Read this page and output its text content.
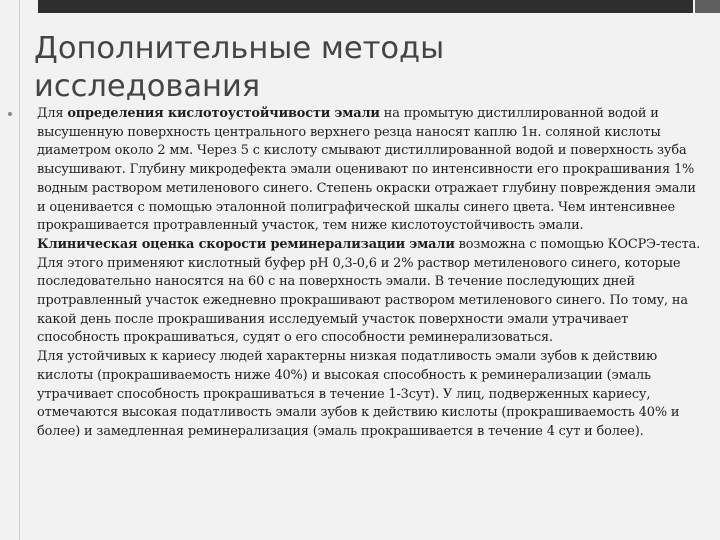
Дополнительные методы
исследования

Для определения кислотоустойчивости эмали на промытую дистиллированной водой и высушенную поверхность центрального верхнего резца наносят каплю 1н. соляной кислоты диаметром около 2 мм. Через 5 с кислоту смывают дистиллированной водой и поверхность зуба высушивают. Глубину микродефекта эмали оценивают по интенсивности его прокрашивания 1% водным раствором метиленового синего. Степень окраски отражает глубину повреждения эмали и оценивается с помощью эталонной полиграфической шкалы синего цвета. Чем интенсивнее прокрашивается протравленный участок, тем ниже кислотоустойчивость эмали.

Клиническая оценка скорости реминерализации эмали возможна с помощью КОСРЭ-теста. Для этого применяют кислотный буфер pH 0,3-0,6 и 2% раствор метиленового синего, которые последовательно наносятся на 60 с на поверхность эмали. В течение последующих дней протравленный участок ежедневно прокрашивают раствором метиленового синего. По тому, на какой день после прокрашивания исследуемый участок поверхности эмали утрачивает способность прокрашиваться, судят о его способности реминерализоваться.

Для устойчивых к кариесу людей характерны низкая податливость эмали зубов к действию кислоты (прокрашиваемость ниже 40%) и высокая способность к реминерализации (эмаль утрачивает способность прокрашиваться в течение 1-3сут). У лиц, подверженных кариесу, отмечаются высокая податливость эмали зубов к действию кислоты (прокрашиваемость 40% и более) и замедленная реминерализация (эмаль прокрашивается в течение 4 сут и более).
